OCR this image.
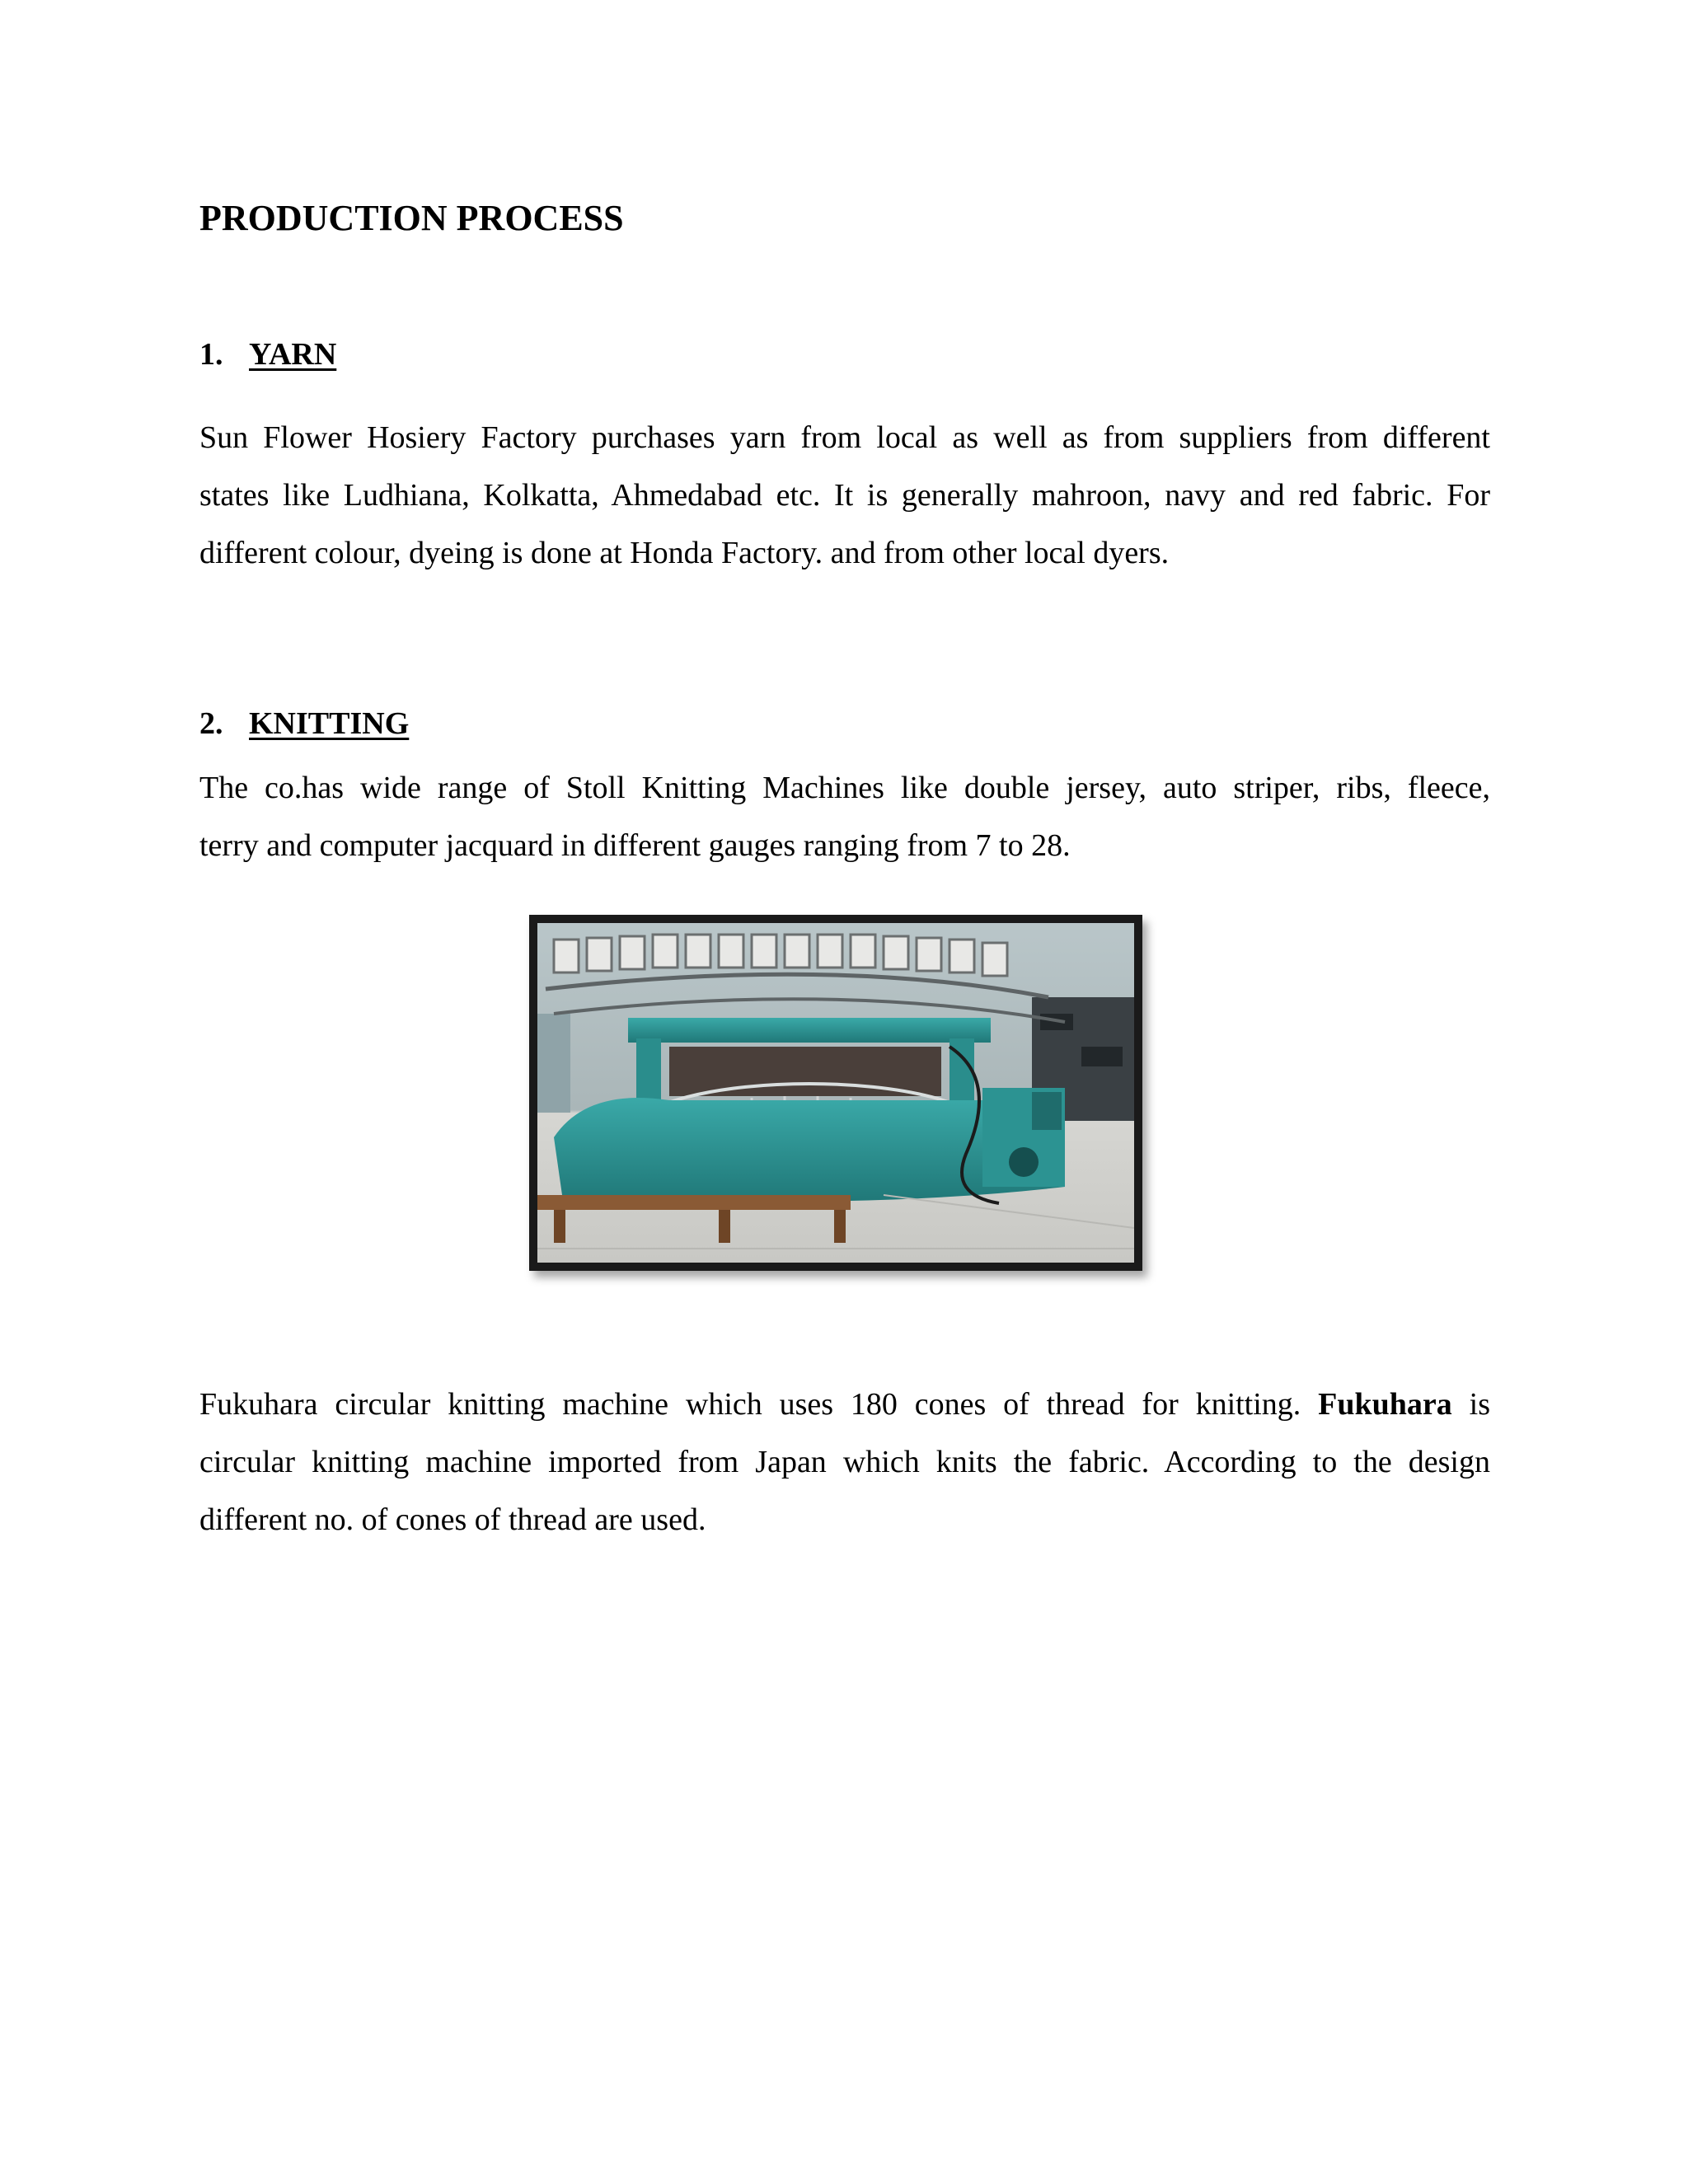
PRODUCTION PROCESS
1. YARN

Sun Flower Hosiery Factory purchases yarn from local as well as from suppliers from different
states like Ludhiana, Kolkatta, Ahmedabad etc. It is generally mahroon, navy and red fabric. For
different colour, dyeing is done at Honda Factory. and from other local dyers.

2. KNITTING

The co.has wide range of Stoll Knitting Machines like double jersey, auto striper, ribs, fleece,
terry and computer jacquard in different gauges ranging from 7 to 28.

Fukuhara circular knitting machine which uses 180 cones of thread for knitting. Fukuhara is
circular knitting machine imported from Japan which knits the fabric. According to the design
different no. of cones of thread are used.
